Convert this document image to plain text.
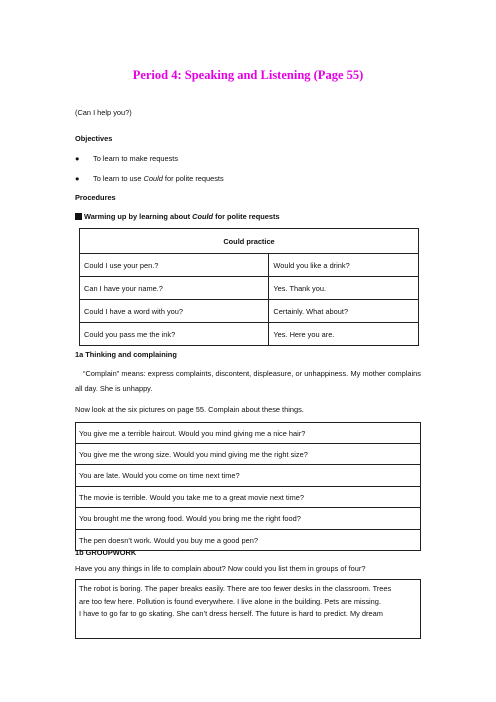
Period 4: Speaking and Listening (Page 55)
(Can I help you?)
Objectives
● To learn to make requests
● To learn to use Could for polite requests
Procedures
Warming up by learning about Could for polite requests
Could practice	
Could I use your pen.?	Would you like a drink?
Can I have your name.?	Yes. Thank you.
Could I have a word with you?	Certainly. What about?
Could you pass me the ink?	Yes. Here you are.
1a Thinking and complaining
“Complain” means: express complaints, discontent, displeasure, or unhappiness. My mother complains all day. She is unhappy.
Now look at the six pictures on page 55. Complain about these things.
You give me a terrible haircut. Would you mind giving me a nice hair?
You give me the wrong size. Would you mind giving me the right size?
You are late. Would you come on time next time?
The movie is terrible. Would you take me to a great movie next time?
You brought me the wrong food. Would you bring me the right food?
The pen doesn’t work. Would you buy me a good pen?
1b GROUPWORK
Have you any things in life to complain about? Now could you list them in groups of four?
The robot is boring. The paper breaks easily. There are too fewer desks in the classroom. Trees
are too few here. Pollution is found everywhere. I live alone in the building. Pets are missing.
I have to go far to go skating. She can’t dress herself. The future is hard to predict. My dream
